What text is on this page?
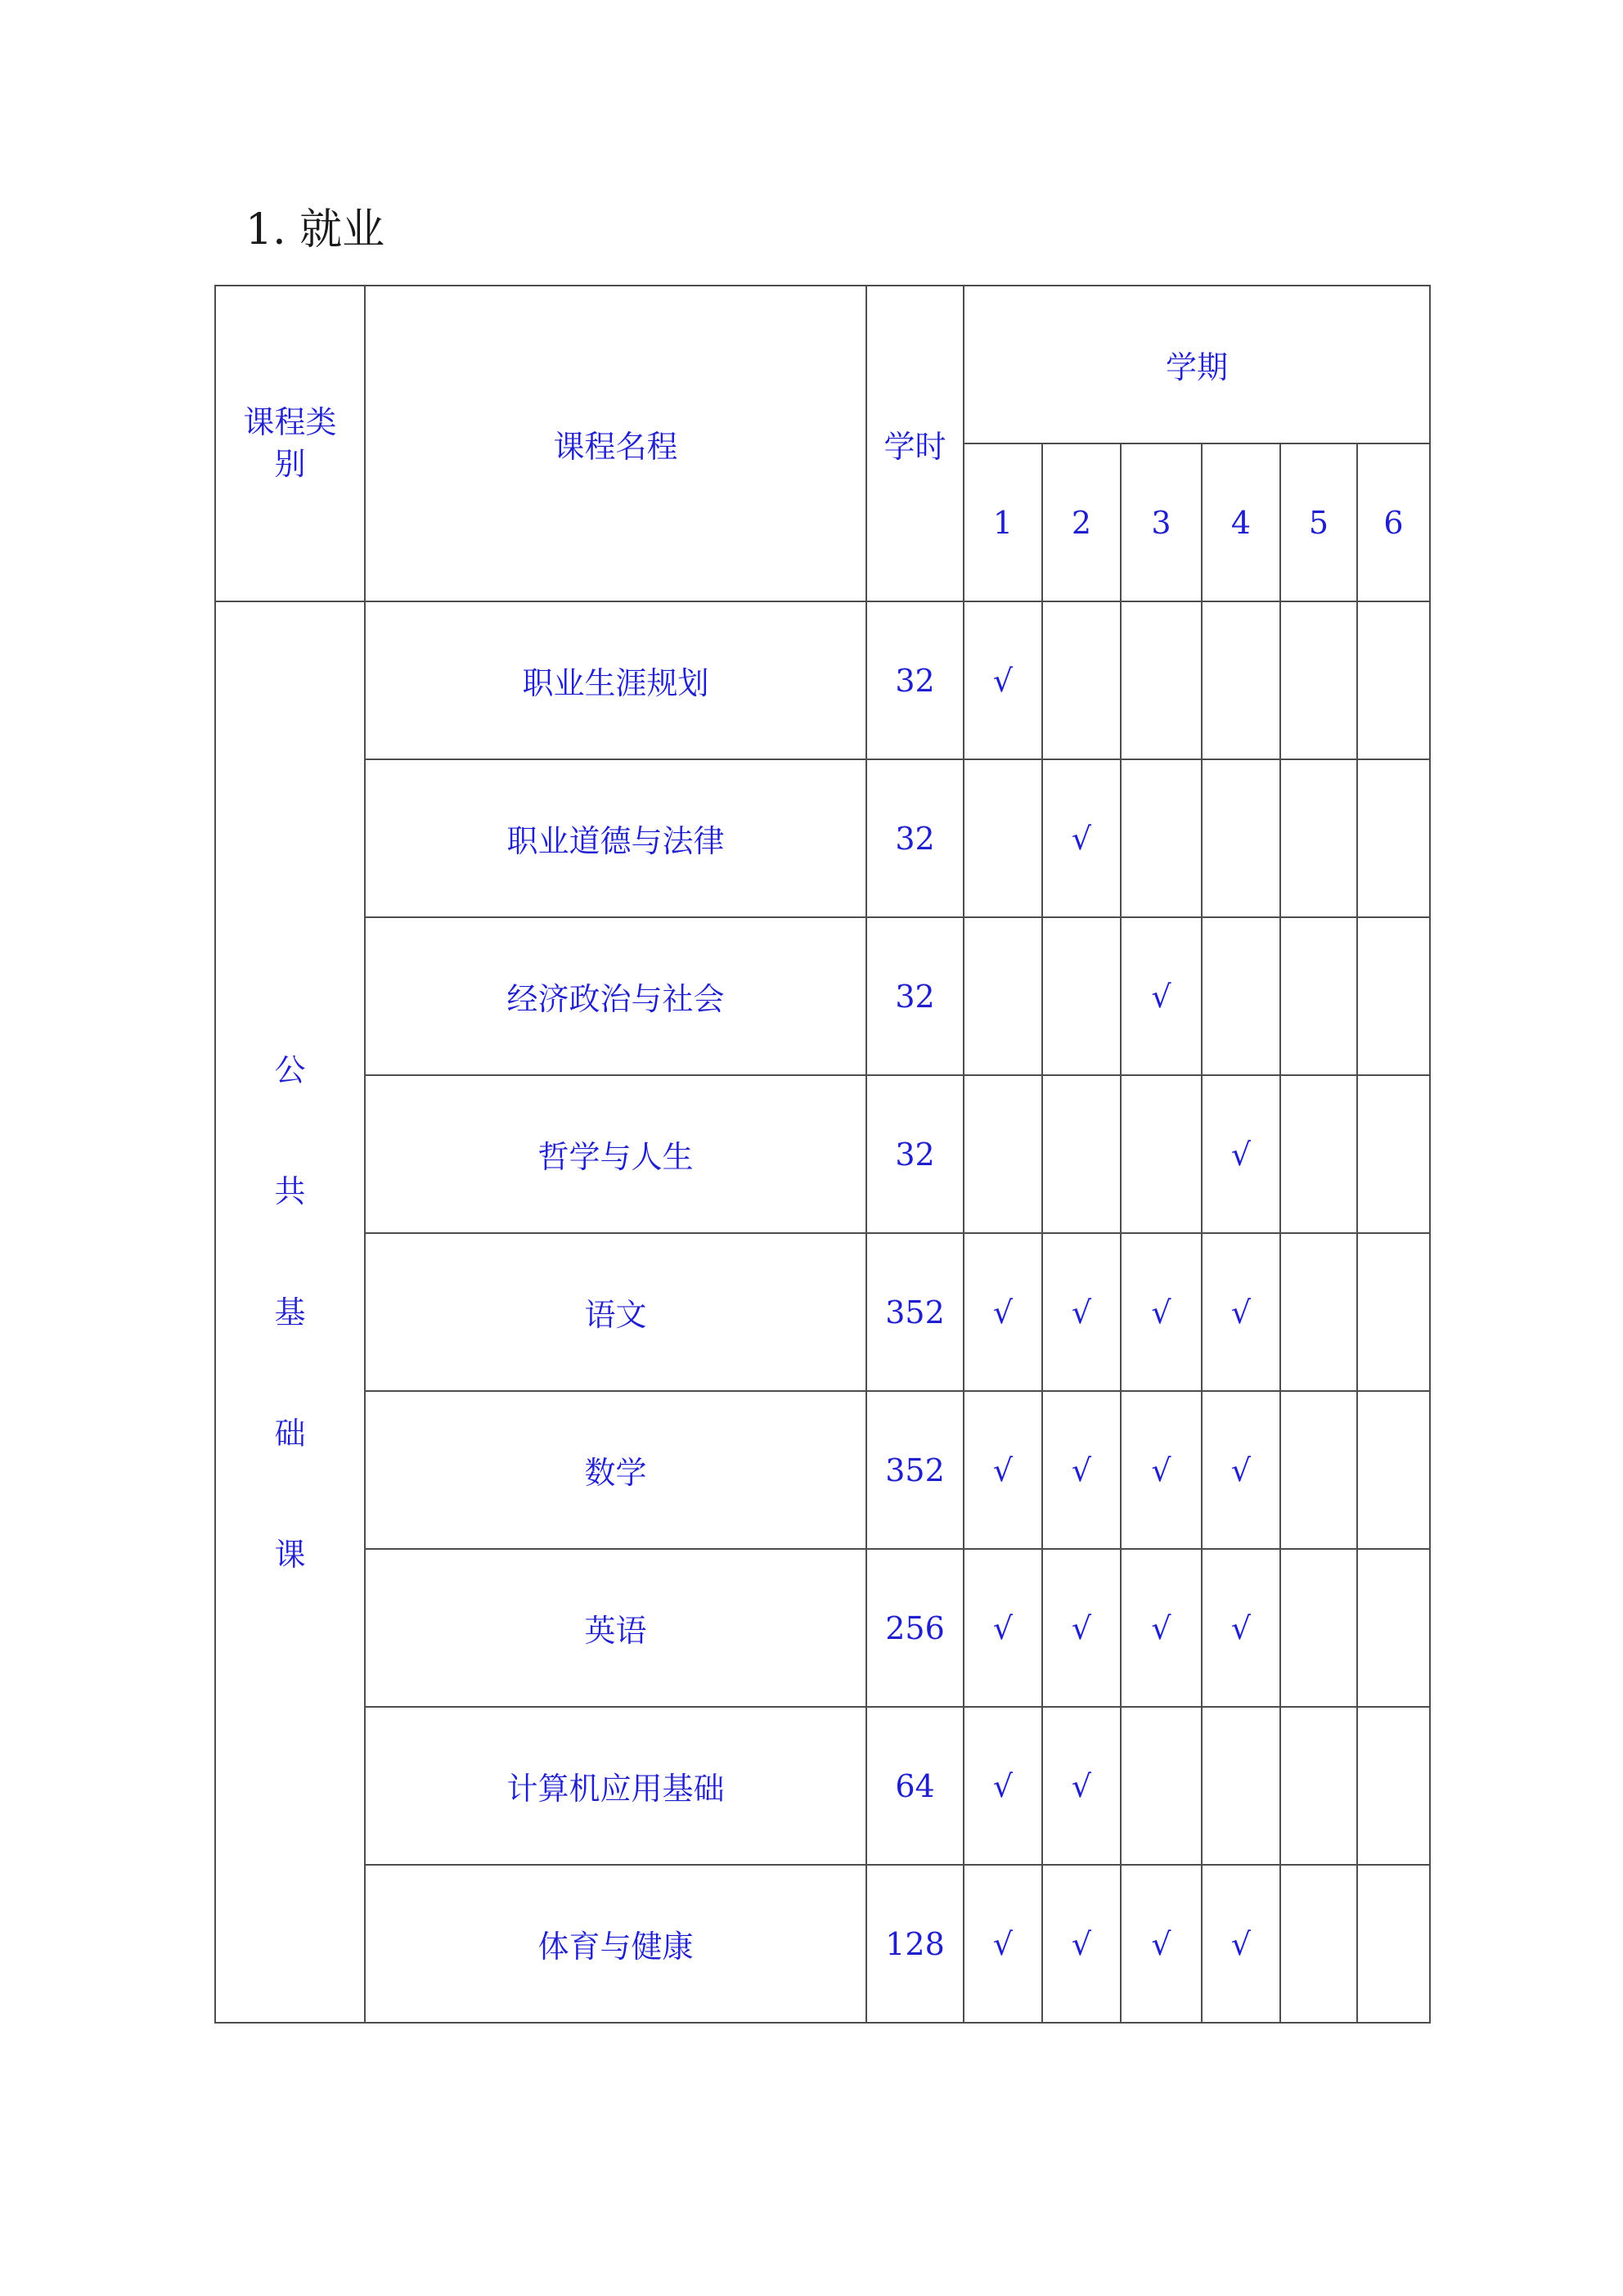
1. 就业
课程类别	课程名程	学时	学期					
			1	2	3	4	5	6

公
共
基
础
课	职业生涯规划	32	√					
	职业道德与法律	32		√				
	经济政治与社会	32			√			
	哲学与人生	32				√		
	语文	352	√	√	√	√		
	数学	352	√	√	√	√		
	英语	256	√	√	√	√		
	计算机应用基础	64	√	√				
	体育与健康	128	√	√	√	√		
